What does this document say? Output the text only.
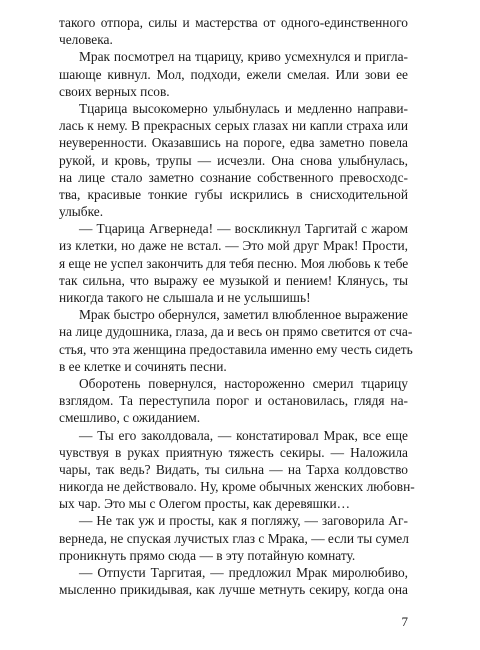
такого отпора, силы и мастерства от одного-единственного
человека.
Мрак посмотрел на тцарицу, криво усмехнулся и пригла-
шающе кивнул. Мол, подходи, ежели смелая. Или зови ее
своих верных псов.
Тцарица высокомерно улыбнулась и медленно направи-
лась к нему. В прекрасных серых глазах ни капли страха или
неуверенности. Оказавшись на пороге, едва заметно повела
рукой, и кровь, трупы — исчезли. Она снова улыбнулась,
на лице стало заметно сознание собственного превосходс-
тва, красивые тонкие губы искрились в снисходительной
улыбке.
— Тцарица Агвернеда! — воскликнул Таргитай с жаром
из клетки, но даже не встал. — Это мой друг Мрак! Прости,
я еще не успел закончить для тебя песню. Моя любовь к тебе
так сильна, что выражу ее музыкой и пением! Клянусь, ты
никогда такого не слышала и не услышишь!
Мрак быстро обернулся, заметил влюбленное выражение
на лице дудошника, глаза, да и весь он прямо светится от сча-
стья, что эта женщина предоставила именно ему честь сидеть
в ее клетке и сочинять песни.
Оборотень повернулся, настороженно смерил тцарицу
взглядом. Та переступила порог и остановилась, глядя на-
смешливо, с ожиданием.
— Ты его заколдовала, — констатировал Мрак, все еще
чувствуя в руках приятную тяжесть секиры. — Наложила
чары, так ведь? Видать, ты сильна — на Тарха колдовство
никогда не действовало. Ну, кроме обычных женских любовн-
ых чар. Это мы с Олегом просты, как деревяшки…
— Не так уж и просты, как я погляжу, — заговорила Аг-
вернеда, не спуская лучистых глаз с Мрака, — если ты сумел
проникнуть прямо сюда — в эту потайную комнату.
— Отпусти Таргитая, — предложил Мрак миролюбиво,
мысленно прикидывая, как лучше метнуть секиру, когда она
7
